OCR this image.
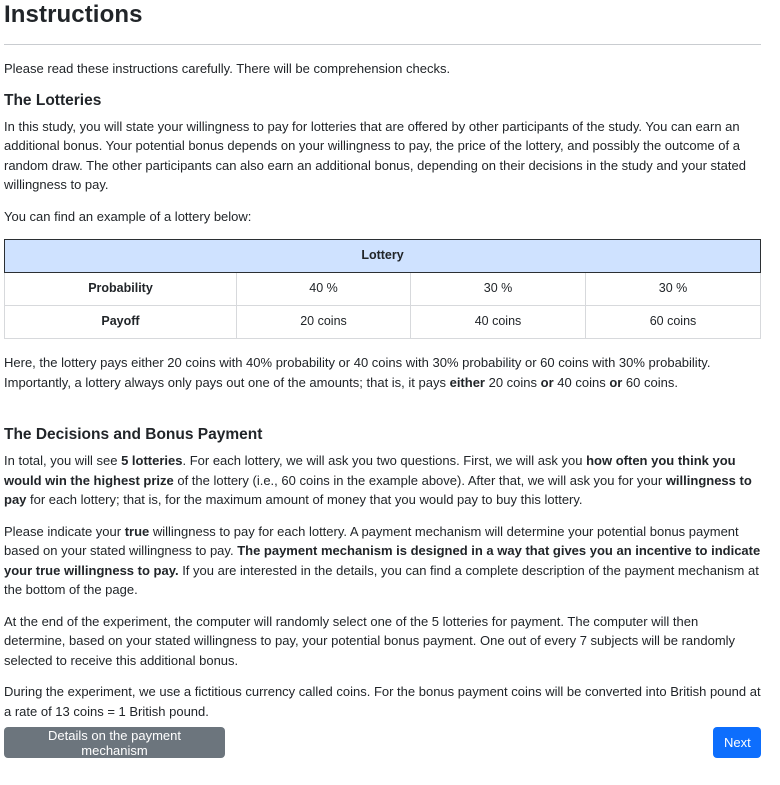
Instructions

Please read these instructions carefully. There will be comprehension checks.

The Lotteries

In this study, you will state your willingness to pay for lotteries that are offered by other participants of the study. You can earn an additional bonus. Your potential bonus depends on your willingness to pay, the price of the lottery, and possibly the outcome of a random draw. The other participants can also earn an additional bonus, depending on their decisions in the study and your stated willingness to pay.

You can find an example of a lottery below:

Lottery			
Probability	40 %	30 %	30 %
Payoff	20 coins	40 coins	60 coins

Here, the lottery pays either 20 coins with 40% probability or 40 coins with 30% probability or 60 coins with 30% probability. Importantly, a lottery always only pays out one of the amounts; that is, it pays either 20 coins or 40 coins or 60 coins.

The Decisions and Bonus Payment

In total, you will see 5 lotteries. For each lottery, we will ask you two questions. First, we will ask you how often you think you would win the highest prize of the lottery (i.e., 60 coins in the example above). After that, we will ask you for your willingness to pay for each lottery; that is, for the maximum amount of money that you would pay to buy this lottery.

Please indicate your true willingness to pay for each lottery. A payment mechanism will determine your potential bonus payment based on your stated willingness to pay. The payment mechanism is designed in a way that gives you an incentive to indicate your true willingness to pay. If you are interested in the details, you can find a complete description of the payment mechanism at the bottom of the page.

At the end of the experiment, the computer will randomly select one of the 5 lotteries for payment. The computer will then determine, based on your stated willingness to pay, your potential bonus payment. One out of every 7 subjects will be randomly selected to receive this additional bonus.

During the experiment, we use a fictitious currency called coins. For the bonus payment coins will be converted into British pound at a rate of 13 coins = 1 British pound.

Details on the payment mechanism	Next
